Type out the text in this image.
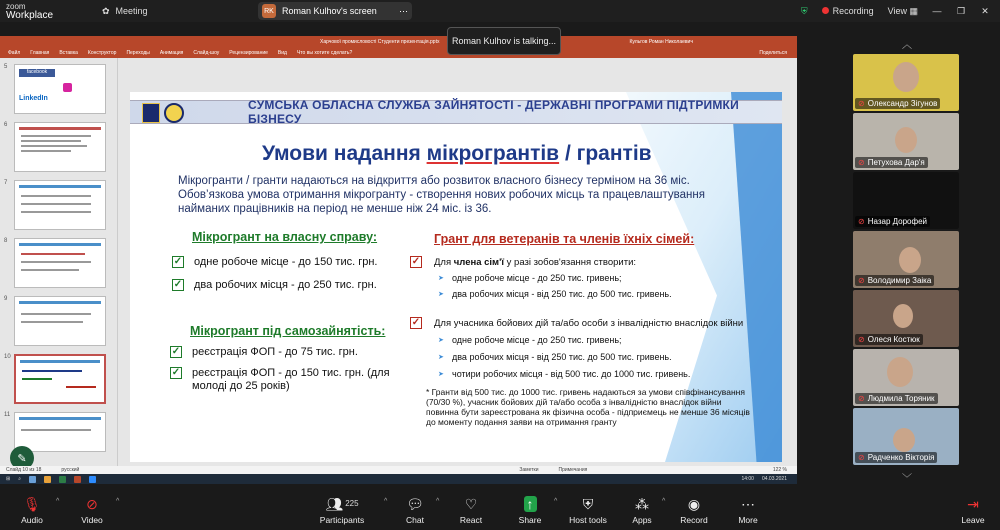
zoom
Workplace	✿ Meeting	RK Roman Kulhov's screen ⋯	⛨	Recording View ▦ — ❐ ✕
Харчової промисловості Студенти презентація.pptx	Кульгов Роман Николаевич
Файл Главная Вставка Конструктор Переходы Анимация Слайд-шоу Рецензирование Вид Что вы хотите сделать?	Поделиться
5
facebook
LinkedIn
6
7
8
9
10
11
✎
СУМСЬКА ОБЛАСНА СЛУЖБА ЗАЙНЯТОСТІ - ДЕРЖАВНІ ПРОГРАМИ ПІДТРИМКИ БІЗНЕСУ
Умови надання мікрогрантів / грантів
Мікрогранти / гранти надаються на відкриття або розвиток власного бізнесу терміном на 36 міс. Обов’язкова умова отримання мікрогранту - створення нових робочих місць та працевлаштування найманих працівників на період не менше ніж 24 міс. із 36.
Мікрогрант на власну справу:
✓ одне робоче місце - до 150 тис. грн.
✓ два робочих місця - до 250 тис. грн.
Мікрогрант під самозайнятість:
✓ реєстрація ФОП - до 75 тис. грн.
✓ реєстрація ФОП - до 150 тис. грн. (для молоді до 25 років)
Грант для ветеранів та членів їхніх сімей:
✓ Для члена сім'ї у разі зобов'язання створити:
➤ одне робоче місце - до 250 тис. гривень;
➤ два робочих місця - від 250 тис. до 500 тис. гривень.
✓ Для учасника бойових дій та/або особи з інвалідністю внаслідок війни
➤ одне робоче місце - до 250 тис. гривень;
➤ два робочих місця - від 250 тис. до 500 тис. гривень.
➤ чотири робочих місця - від 500 тис. до 1000 тис. гривень.
* Гранти від 500 тис. до 1000 тис. гривень надаються за умови співфінансування (70/30 %), учасник бойових дій та/або особа з інвалідністю внаслідок війни повинна бути зареєстрована як фізична особа - підприємець не менше 36 місяців до моменту подання заяви на отримання гранту
Слайд 10 из 18	русский	Заметки	Примечания	122 %
⊞ ⌕	14:00 04.03.2021
Roman Kulhov is talking...	︿
⊘ Олександр Зігунов
⊘ Петухова Дар'я
⊘ Назар Дорофей
⊘ Володимир Заіка
⊘ Олеся Костюк
⊘ Людмила Торяник
⊘ Радченко Вікторія
﹀
🎙︎
Audio
^ ⊘
Video
^	👥︎ 225
Participants
^ 💬︎
Chat
^ ♡
React
↑
Share
^ ⛨
Host tools
⁂
Apps
^ ◉
Record
⋯
More
⇥
Leave
